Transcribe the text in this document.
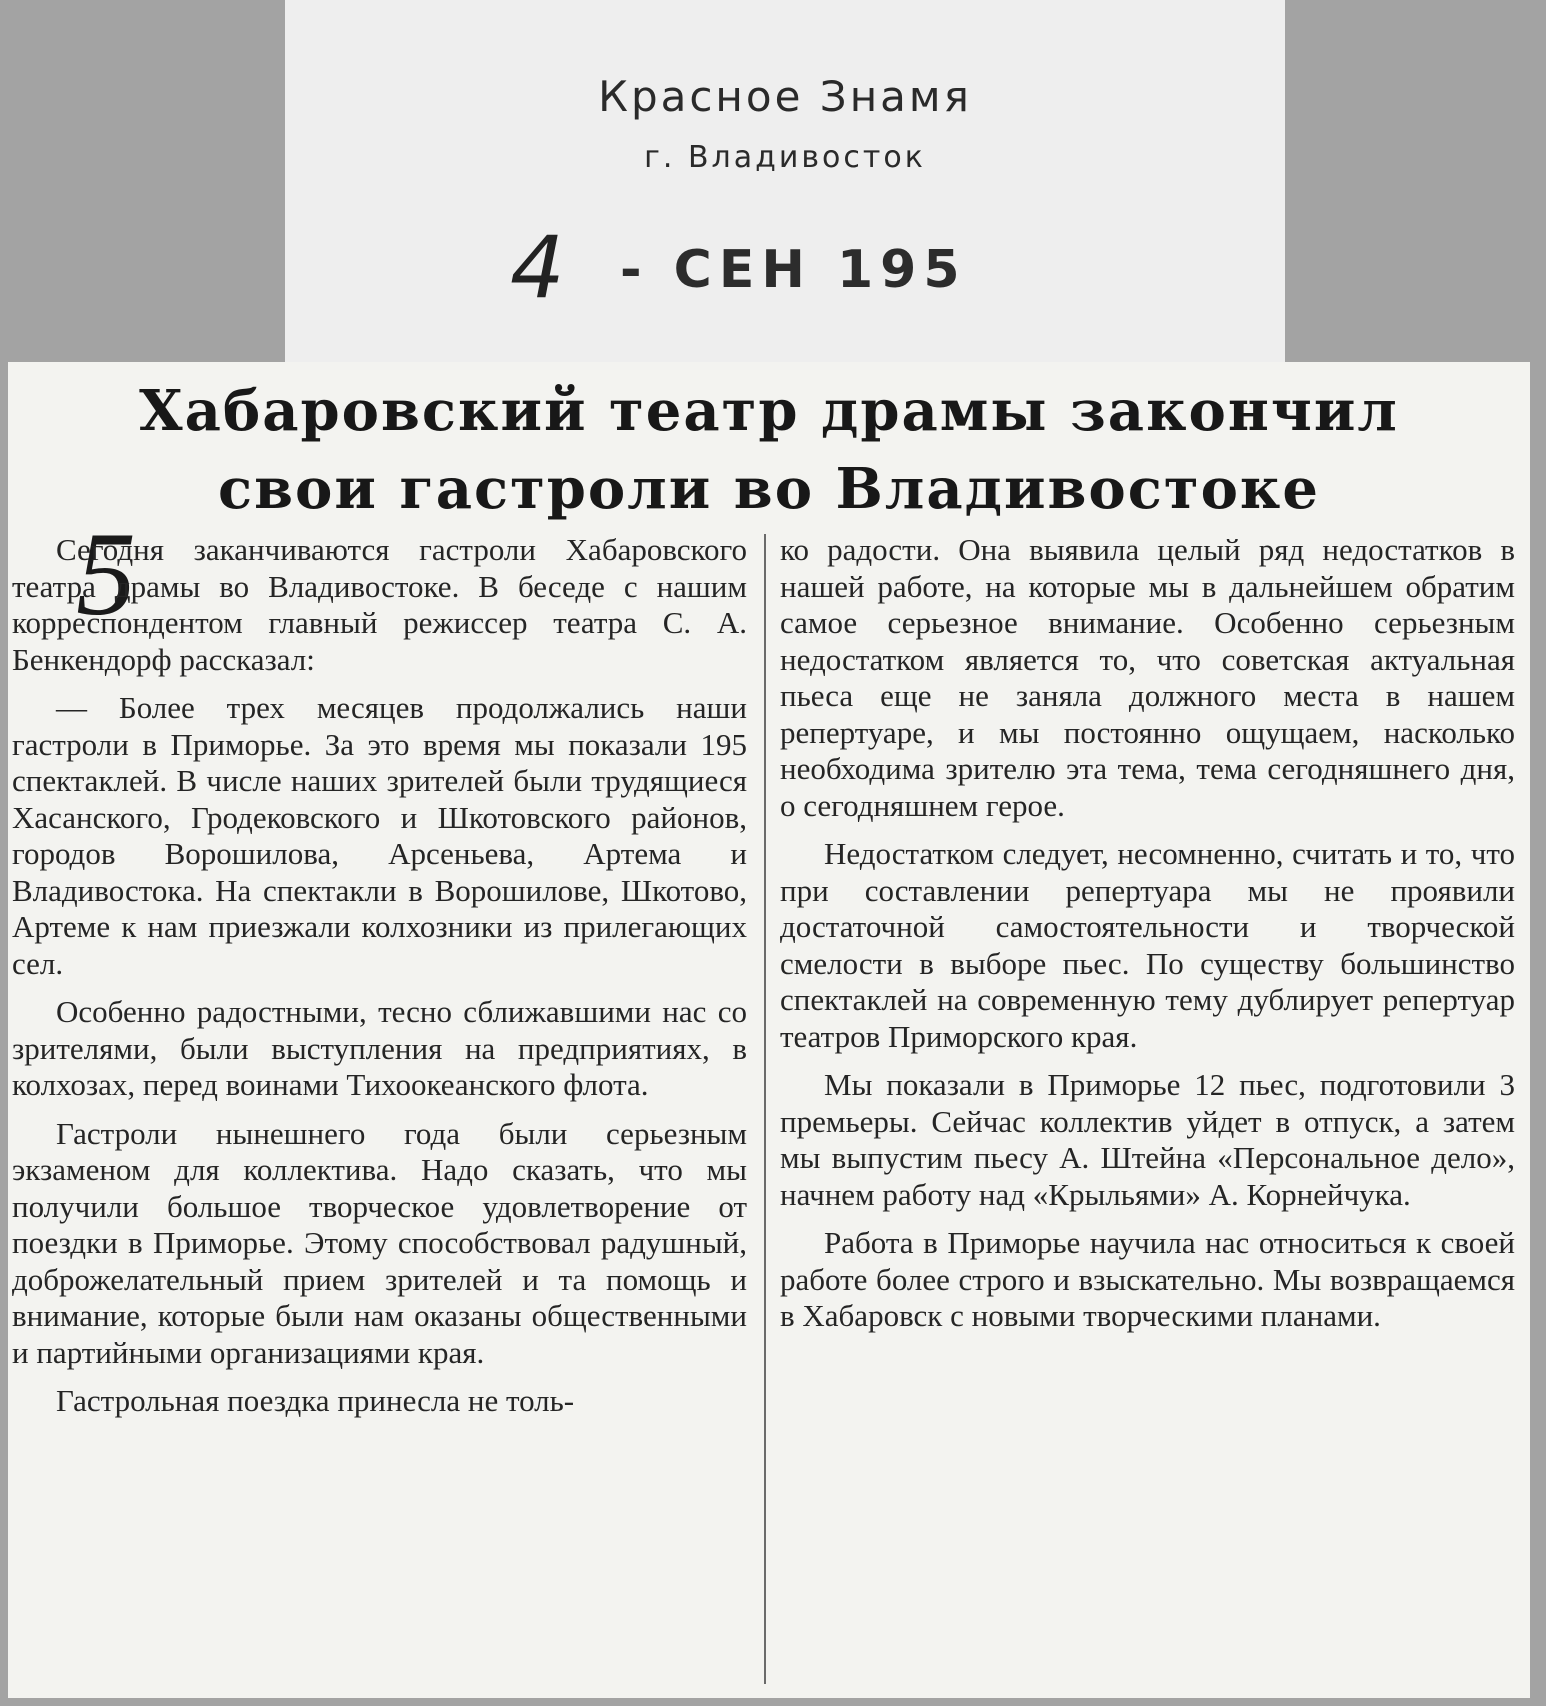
Красное Знамя
г. Владивосток
4 - СЕН 195
Хабаровский театр драмы закончил
свои гастроли во Владивостоке
5

Сегодня заканчиваются гастроли Хабаровского театра драмы во Владивостоке. В беседе с нашим корреспондентом главный режиссер театра С. А. Бенкендорф рассказал:

— Более трех месяцев продолжались наши гастроли в Приморье. За это время мы показали 195 спектаклей. В числе наших зрителей были трудящиеся Хасанского, Гродековского и Шкотовского районов, городов Ворошилова, Арсеньева, Артема и Владивостока. На спектакли в Ворошилове, Шкотово, Артеме к нам приезжали колхозники из прилегающих сел.

Особенно радостными, тесно сближавшими нас со зрителями, были выступления на предприятиях, в колхозах, перед воинами Тихоокеанского флота.

Гастроли нынешнего года были серьезным экзаменом для коллектива. Надо сказать, что мы получили большое творческое удовлетворение от поездки в Приморье. Этому способствовал радушный, доброжелательный прием зрителей и та помощь и внимание, которые были нам оказаны общественными и партийными организациями края.

Гастрольная поездка принесла не толь-

ко радости. Она выявила целый ряд недостатков в нашей работе, на которые мы в дальнейшем обратим самое серьезное внимание. Особенно серьезным недостатком является то, что советская актуальная пьеса еще не заняла должного места в нашем репертуаре, и мы постоянно ощущаем, насколько необходима зрителю эта тема, тема сегодняшнего дня, о сегодняшнем герое.

Недостатком следует, несомненно, считать и то, что при составлении репертуара мы не проявили достаточной самостоятельности и творческой смелости в выборе пьес. По существу большинство спектаклей на современную тему дублирует репертуар театров Приморского края.

Мы показали в Приморье 12 пьес, подготовили 3 премьеры. Сейчас коллектив уйдет в отпуск, а затем мы выпустим пьесу А. Штейна «Персональное дело», начнем работу над «Крыльями» А. Корнейчука.

Работа в Приморье научила нас относиться к своей работе более строго и взыскательно. Мы возвращаемся в Хабаровск с новыми творческими планами.
